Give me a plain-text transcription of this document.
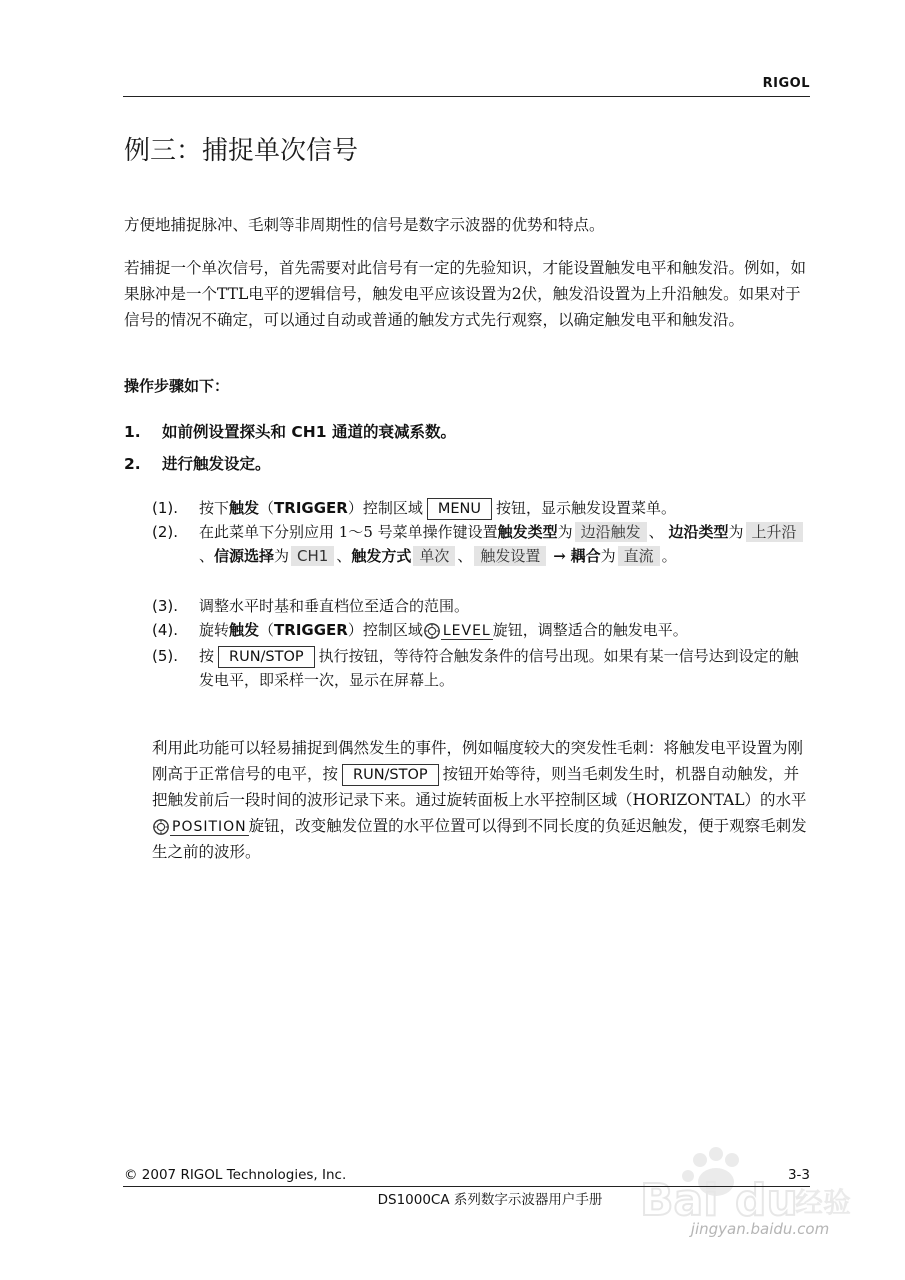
RIGOL
例三：捕捉单次信号
方便地捕捉脉冲、毛刺等非周期性的信号是数字示波器的优势和特点。
若捕捉一个单次信号，首先需要对此信号有一定的先验知识，才能设置触发电平和触发沿。例如，如果脉冲是一个TTL电平的逻辑信号，触发电平应该设置为2伏，触发沿设置为上升沿触发。如果对于信号的情况不确定，可以通过自动或普通的触发方式先行观察，以确定触发电平和触发沿。
操作步骤如下：
1. 如前例设置探头和 CH1 通道的衰减系数。
2. 进行触发设定。
(1). 按下触发（TRIGGER）控制区域 MENU 按钮，显示触发设置菜单。
(2). 在此菜单下分别应用 1～5 号菜单操作键设置触发类型为 边沿触发 、 边沿类型为 上升沿、信源选择为 CH1 、触发方式 单次 、 触发设置 → 耦合为 直流 。
(3). 调整水平时基和垂直档位至适合的范围。
(4). 旋转触发（TRIGGER）控制区域 LEVEL 旋钮，调整适合的触发电平。
(5). 按 RUN/STOP 执行按钮，等待符合触发条件的信号出现。如果有某一信号达到设定的触发电平，即采样一次，显示在屏幕上。
利用此功能可以轻易捕捉到偶然发生的事件，例如幅度较大的突发性毛刺：将触发电平设置为刚刚高于正常信号的电平，按 RUN/STOP 按钮开始等待，则当毛刺发生时，机器自动触发，并把触发前后一段时间的波形记录下来。通过旋转面板上水平控制区域（HORIZONTAL）的水平
POSITION 旋钮，改变触发位置的水平位置可以得到不同长度的负延迟触发，便于观察毛刺发生之前的波形。
Bai du
经验
jingyan.baidu.com
© 2007 RIGOL Technologies, Inc.	3-3
DS1000CA 系列数字示波器用户手册
